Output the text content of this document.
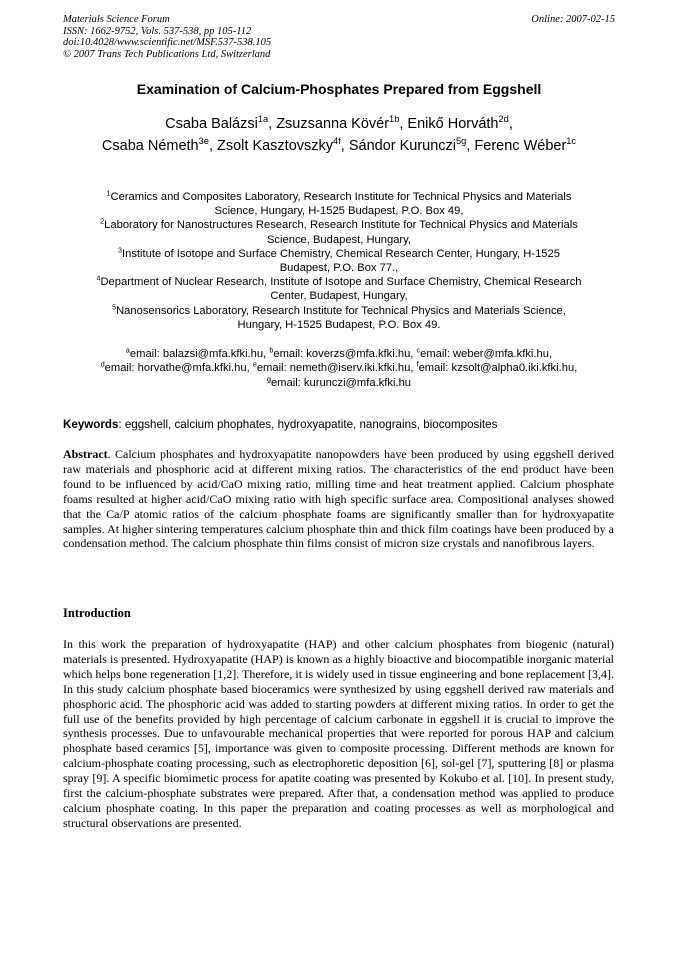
Materials Science Forum
ISSN: 1662-9752, Vols. 537-538, pp 105-112
doi:10.4028/www.scientific.net/MSF.537-538.105
© 2007 Trans Tech Publications Ltd, Switzerland
Online: 2007-02-15
Examination of Calcium-Phosphates Prepared from Eggshell
Csaba Balázsi$^{1a}$, Zsuzsanna Kövér$^{1b}$, Enikő Horváth$^{2d}$,
Csaba Németh$^{3e}$, Zsolt Kasztovszky$^{4f}$, Sándor Kurunczi$^{5g}$, Ferenc Wéber$^{1c}$
$^1$Ceramics and Composites Laboratory, Research Institute for Technical Physics and Materials
Science, Hungary, H-1525 Budapest, P.O. Box 49,
$^2$Laboratory for Nanostructures Research, Research Institute for Technical Physics and Materials
Science, Budapest, Hungary,
$^3$Institute of Isotope and Surface Chemistry, Chemical Research Center, Hungary, H-1525
Budapest, P.O. Box 77.,
$^4$Department of Nuclear Research, Institute of Isotope and Surface Chemistry, Chemical Research
Center, Budapest, Hungary,
$^5$Nanosensorics Laboratory, Research Institute for Technical Physics and Materials Science,
Hungary, H-1525 Budapest, P.O. Box 49.
$^a$email: balazsi@mfa.kfki.hu, $^b$email: koverzs@mfa.kfki.hu, $^c$email: weber@mfa.kfki.hu,
$^d$email: horvathe@mfa.kfki.hu, $^e$email: nemeth@iserv.iki.kfki.hu, $^f$email: kzsolt@alpha0.iki.kfki.hu,
$^g$email: kurunczi@mfa.kfki.hu
Keywords: eggshell, calcium phophates, hydroxyapatite, nanograins, biocomposites
Abstract. Calcium phosphates and hydroxyapatite nanopowders have been produced by using eggshell derived raw materials and phosphoric acid at different mixing ratios. The characteristics of the end product have been found to be influenced by acid/CaO mixing ratio, milling time and heat treatment applied. Calcium phosphate foams resulted at higher acid/CaO mixing ratio with high specific surface area. Compositional analyses showed that the Ca/P atomic ratios of the calcium phosphate foams are significantly smaller than for hydroxyapatite samples. At higher sintering temperatures calcium phosphate thin and thick film coatings have been produced by a condensation method. The calcium phosphate thin films consist of micron size crystals and nanofibrous layers.
Introduction
In this work the preparation of hydroxyapatite (HAP) and other calcium phosphates from biogenic (natural) materials is presented. Hydroxyapatite (HAP) is known as a highly bioactive and biocompatible inorganic material which helps bone regeneration [1,2]. Therefore, it is widely used in tissue engineering and bone replacement [3,4]. In this study calcium phosphate based bioceramics were synthesized by using eggshell derived raw materials and phosphoric acid. The phosphoric acid was added to starting powders at different mixing ratios. In order to get the full use of the benefits provided by high percentage of calcium carbonate in eggshell it is crucial to improve the synthesis processes. Due to unfavourable mechanical properties that were reported for porous HAP and calcium phosphate based ceramics [5], importance was given to composite processing. Different methods are known for calcium-phosphate coating processing, such as electrophoretic deposition [6], sol-gel [7], sputtering [8] or plasma spray [9]. A specific biomimetic process for apatite coating was presented by Kokubo et al. [10]. In present study, first the calcium-phosphate substrates were prepared. After that, a condensation method was applied to produce calcium phosphate coating. In this paper the preparation and coating processes as well as morphological and structural observations are presented.
